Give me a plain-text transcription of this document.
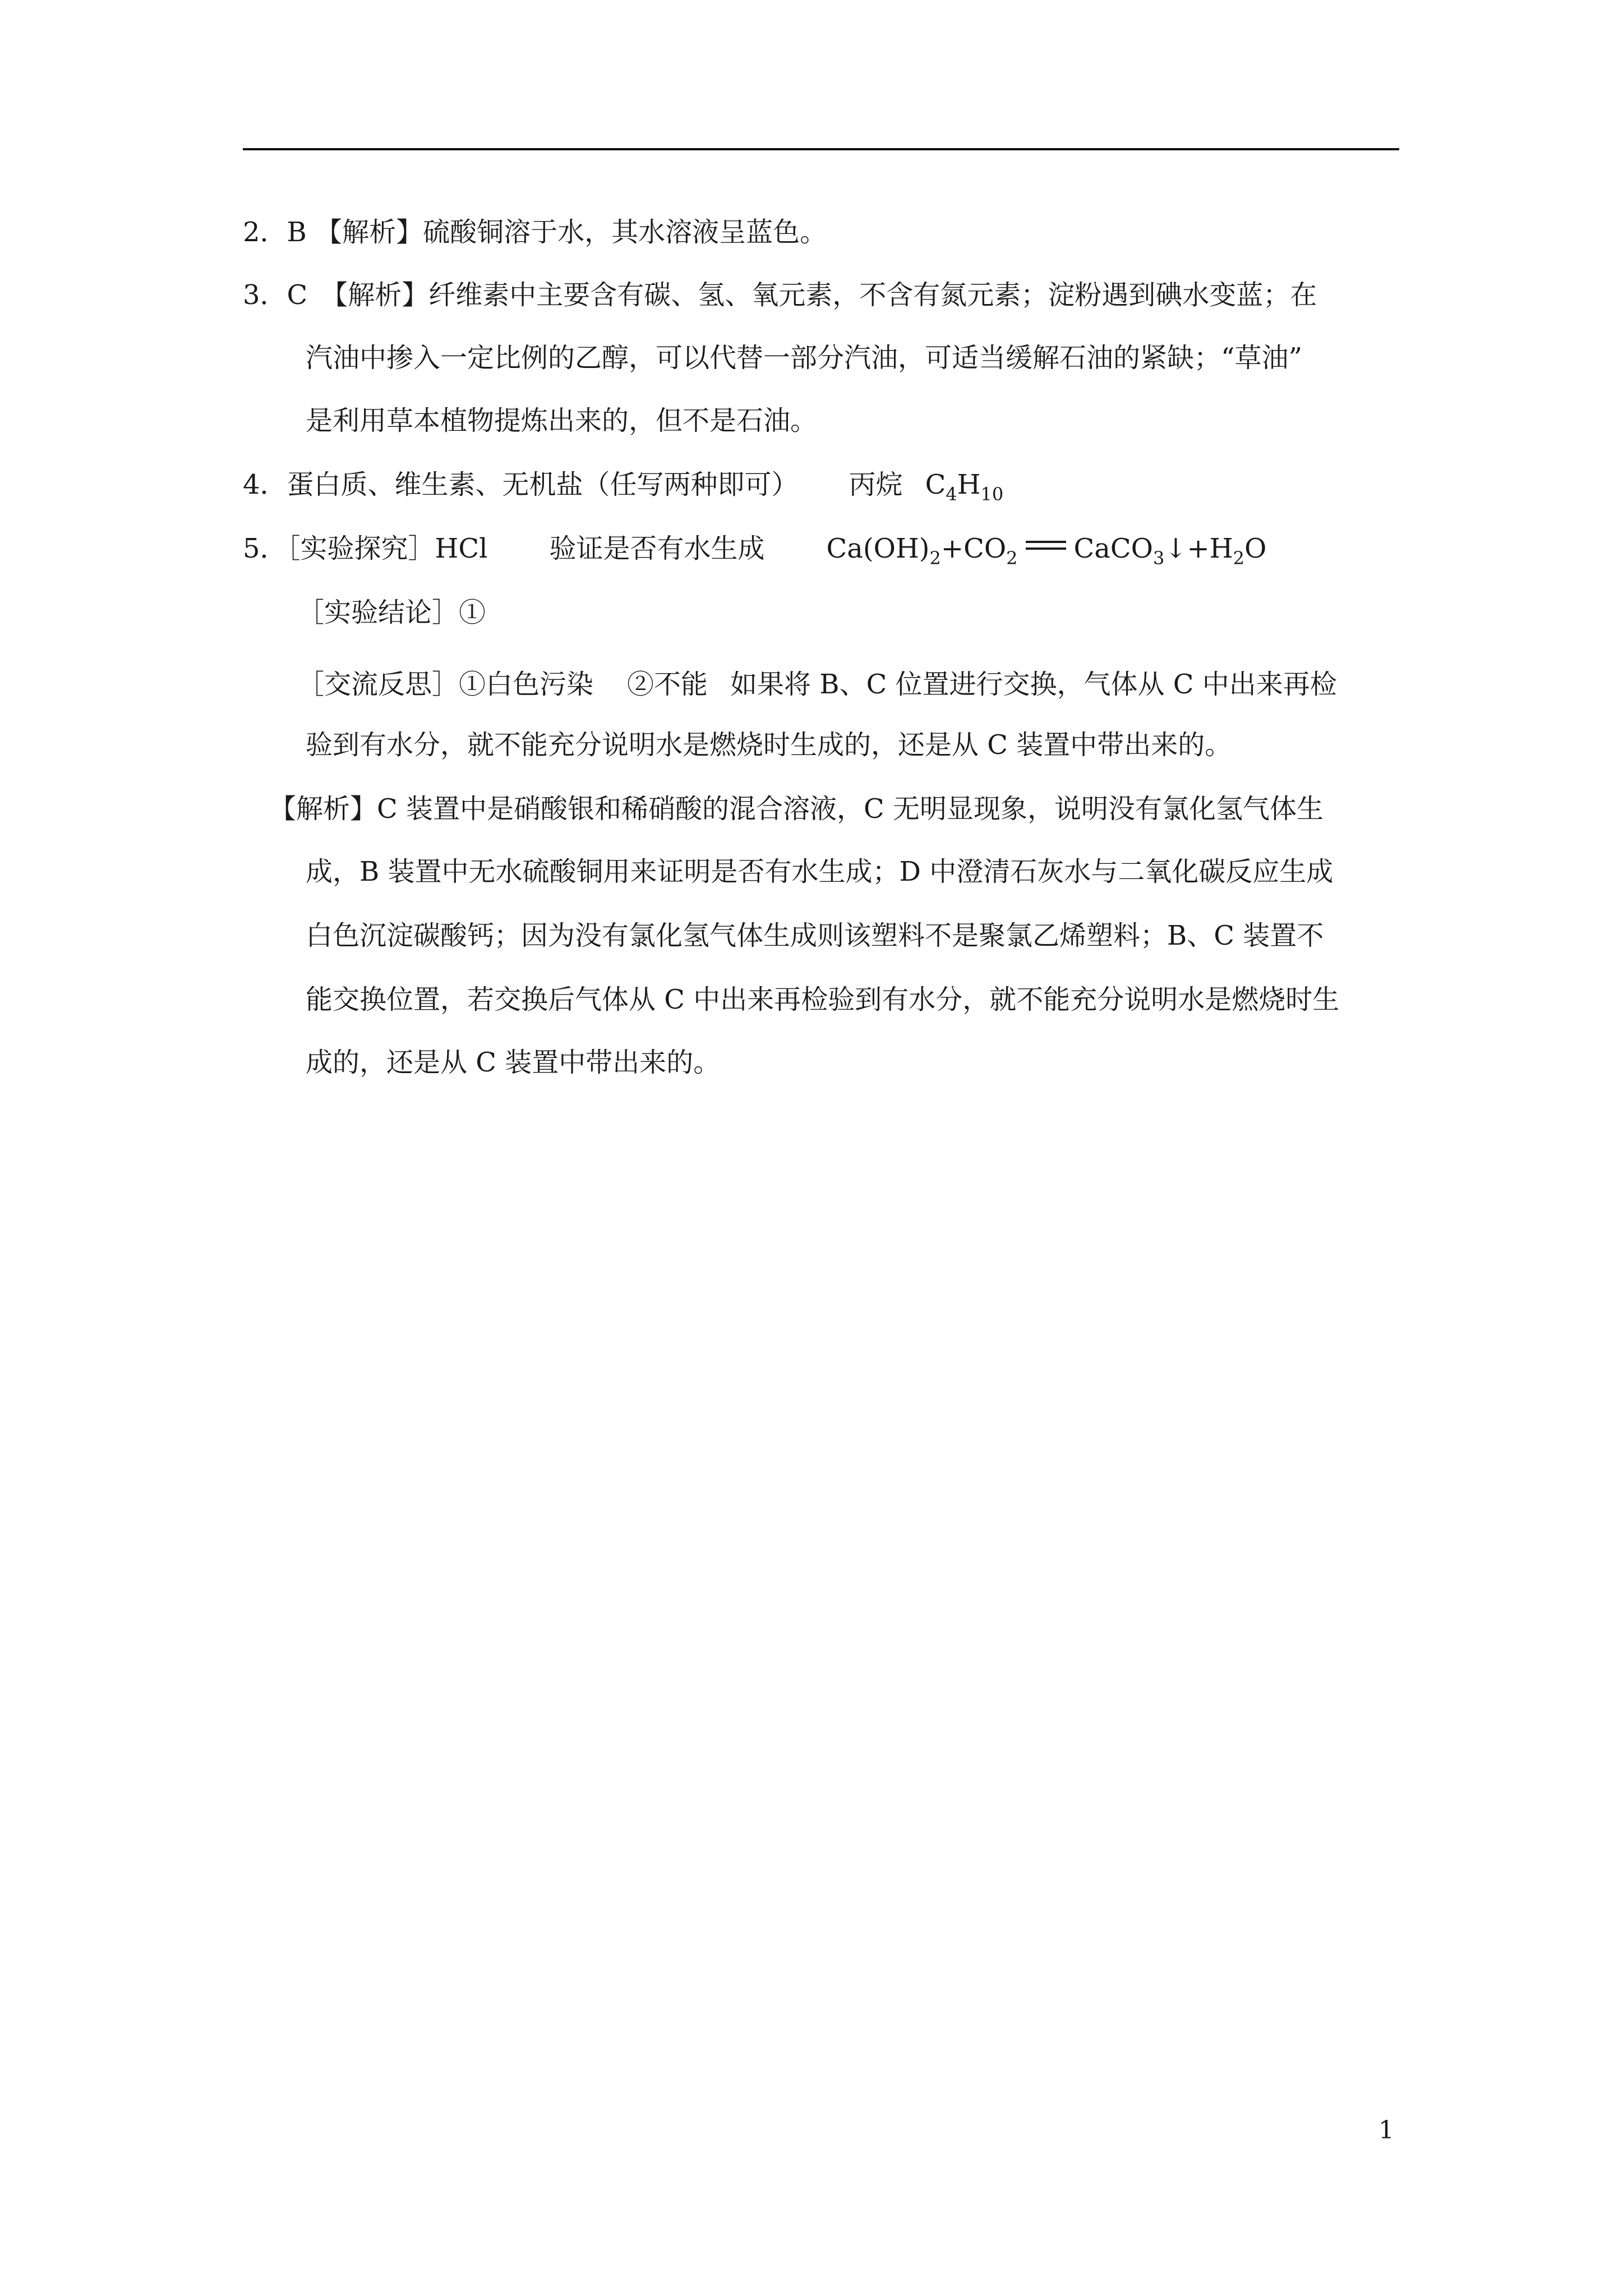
2．B 【解析】硫酸铜溶于水，其水溶液呈蓝色。
3．C　【解析】纤维素中主要含有碳、氢、氧元素，不含有氮元素；淀粉遇到碘水变蓝；在
汽油中掺入一定比例的乙醇，可以代替一部分汽油，可适当缓解石油的紧缺；“草油”
是利用草本植物提炼出来的，但不是石油。
4．蛋白质、维生素、无机盐（任写两种即可） 丙烷 $C_4H_{10}$
5．［实验探究］HCl 验证是否有水生成 $Ca(OH)_2+CO_2$ $CaCO_3↓+H_2O$
［实验结论］①
［交流反思］①白色污染 ②不能 如果将 B、C 位置进行交换，气体从 C 中出来再检
验到有水分，就不能充分说明水是燃烧时生成的，还是从 C 装置中带出来的。
【解析】C 装置中是硝酸银和稀硝酸的混合溶液，C 无明显现象，说明没有氯化氢气体生
成，B 装置中无水硫酸铜用来证明是否有水生成；D 中澄清石灰水与二氧化碳反应生成
白色沉淀碳酸钙；因为没有氯化氢气体生成则该塑料不是聚氯乙烯塑料；B、C 装置不
能交换位置，若交换后气体从 C 中出来再检验到有水分，就不能充分说明水是燃烧时生
成的，还是从 C 装置中带出来的。
1
